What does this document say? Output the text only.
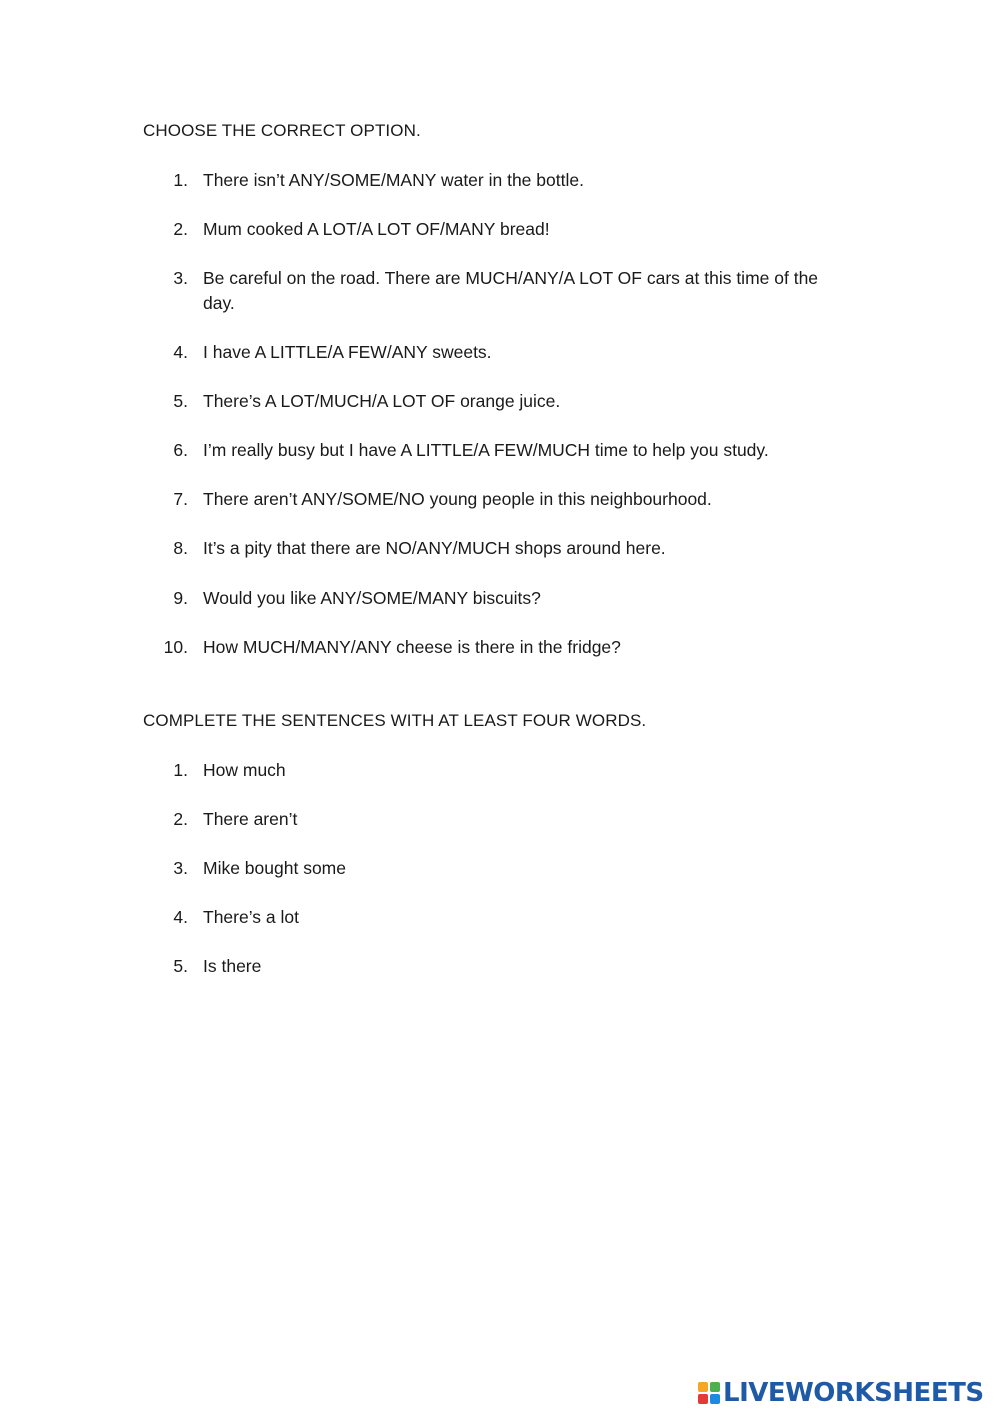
CHOOSE THE CORRECT OPTION.
1. There isn’t ANY/SOME/MANY water in the bottle.
2. Mum cooked A LOT/A LOT OF/MANY bread!
3. Be careful on the road. There are MUCH/ANY/A LOT OF cars at this time of the day.
4. I have A LITTLE/A FEW/ANY sweets.
5. There’s A LOT/MUCH/A LOT OF orange juice.
6. I’m really busy but I have A LITTLE/A FEW/MUCH time to help you study.
7. There aren’t ANY/SOME/NO young people in this neighbourhood.
8. It’s a pity that there are NO/ANY/MUCH shops around here.
9. Would you like ANY/SOME/MANY biscuits?
10. How MUCH/MANY/ANY cheese is there in the fridge?
COMPLETE THE SENTENCES WITH AT LEAST FOUR WORDS.
1. How much
2. There aren’t
3. Mike bought some
4. There’s a lot
5. Is there
LIVEWORKSHEETS
